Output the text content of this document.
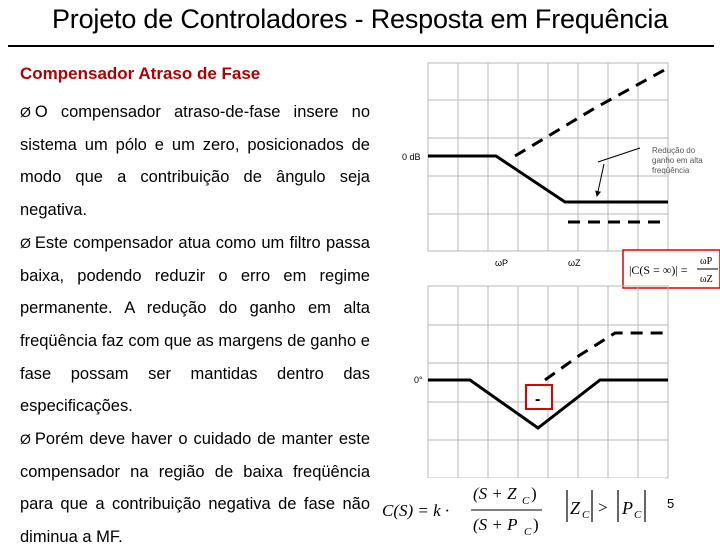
Projeto de Controladores - Resposta em Frequência
Compensador Atraso de Fase

Ø O compensador atraso-de-fase insere no sistema um pólo e um zero, posicionados de modo que a contribuição de ângulo seja negativa.

Ø Este compensador atua como um filtro passa baixa, podendo reduzir o erro em regime permanente. A redução do ganho em alta freqüência faz com que as margens de ganho e fase possam ser mantidas dentro das especificações.

Ø Porém deve haver o cuidado de manter este compensador na região de baixa freqüência para que a contribuição negativa de fase não diminua a MF.

0 dB
ωP	ωZ
Redução do
ganho em alta
freqüência
|C(S = ∞)| =
ωP
ωZ
0°
-
C(S) = k ·
(S + Z C )
(S + P C )
Z C > P C
5
